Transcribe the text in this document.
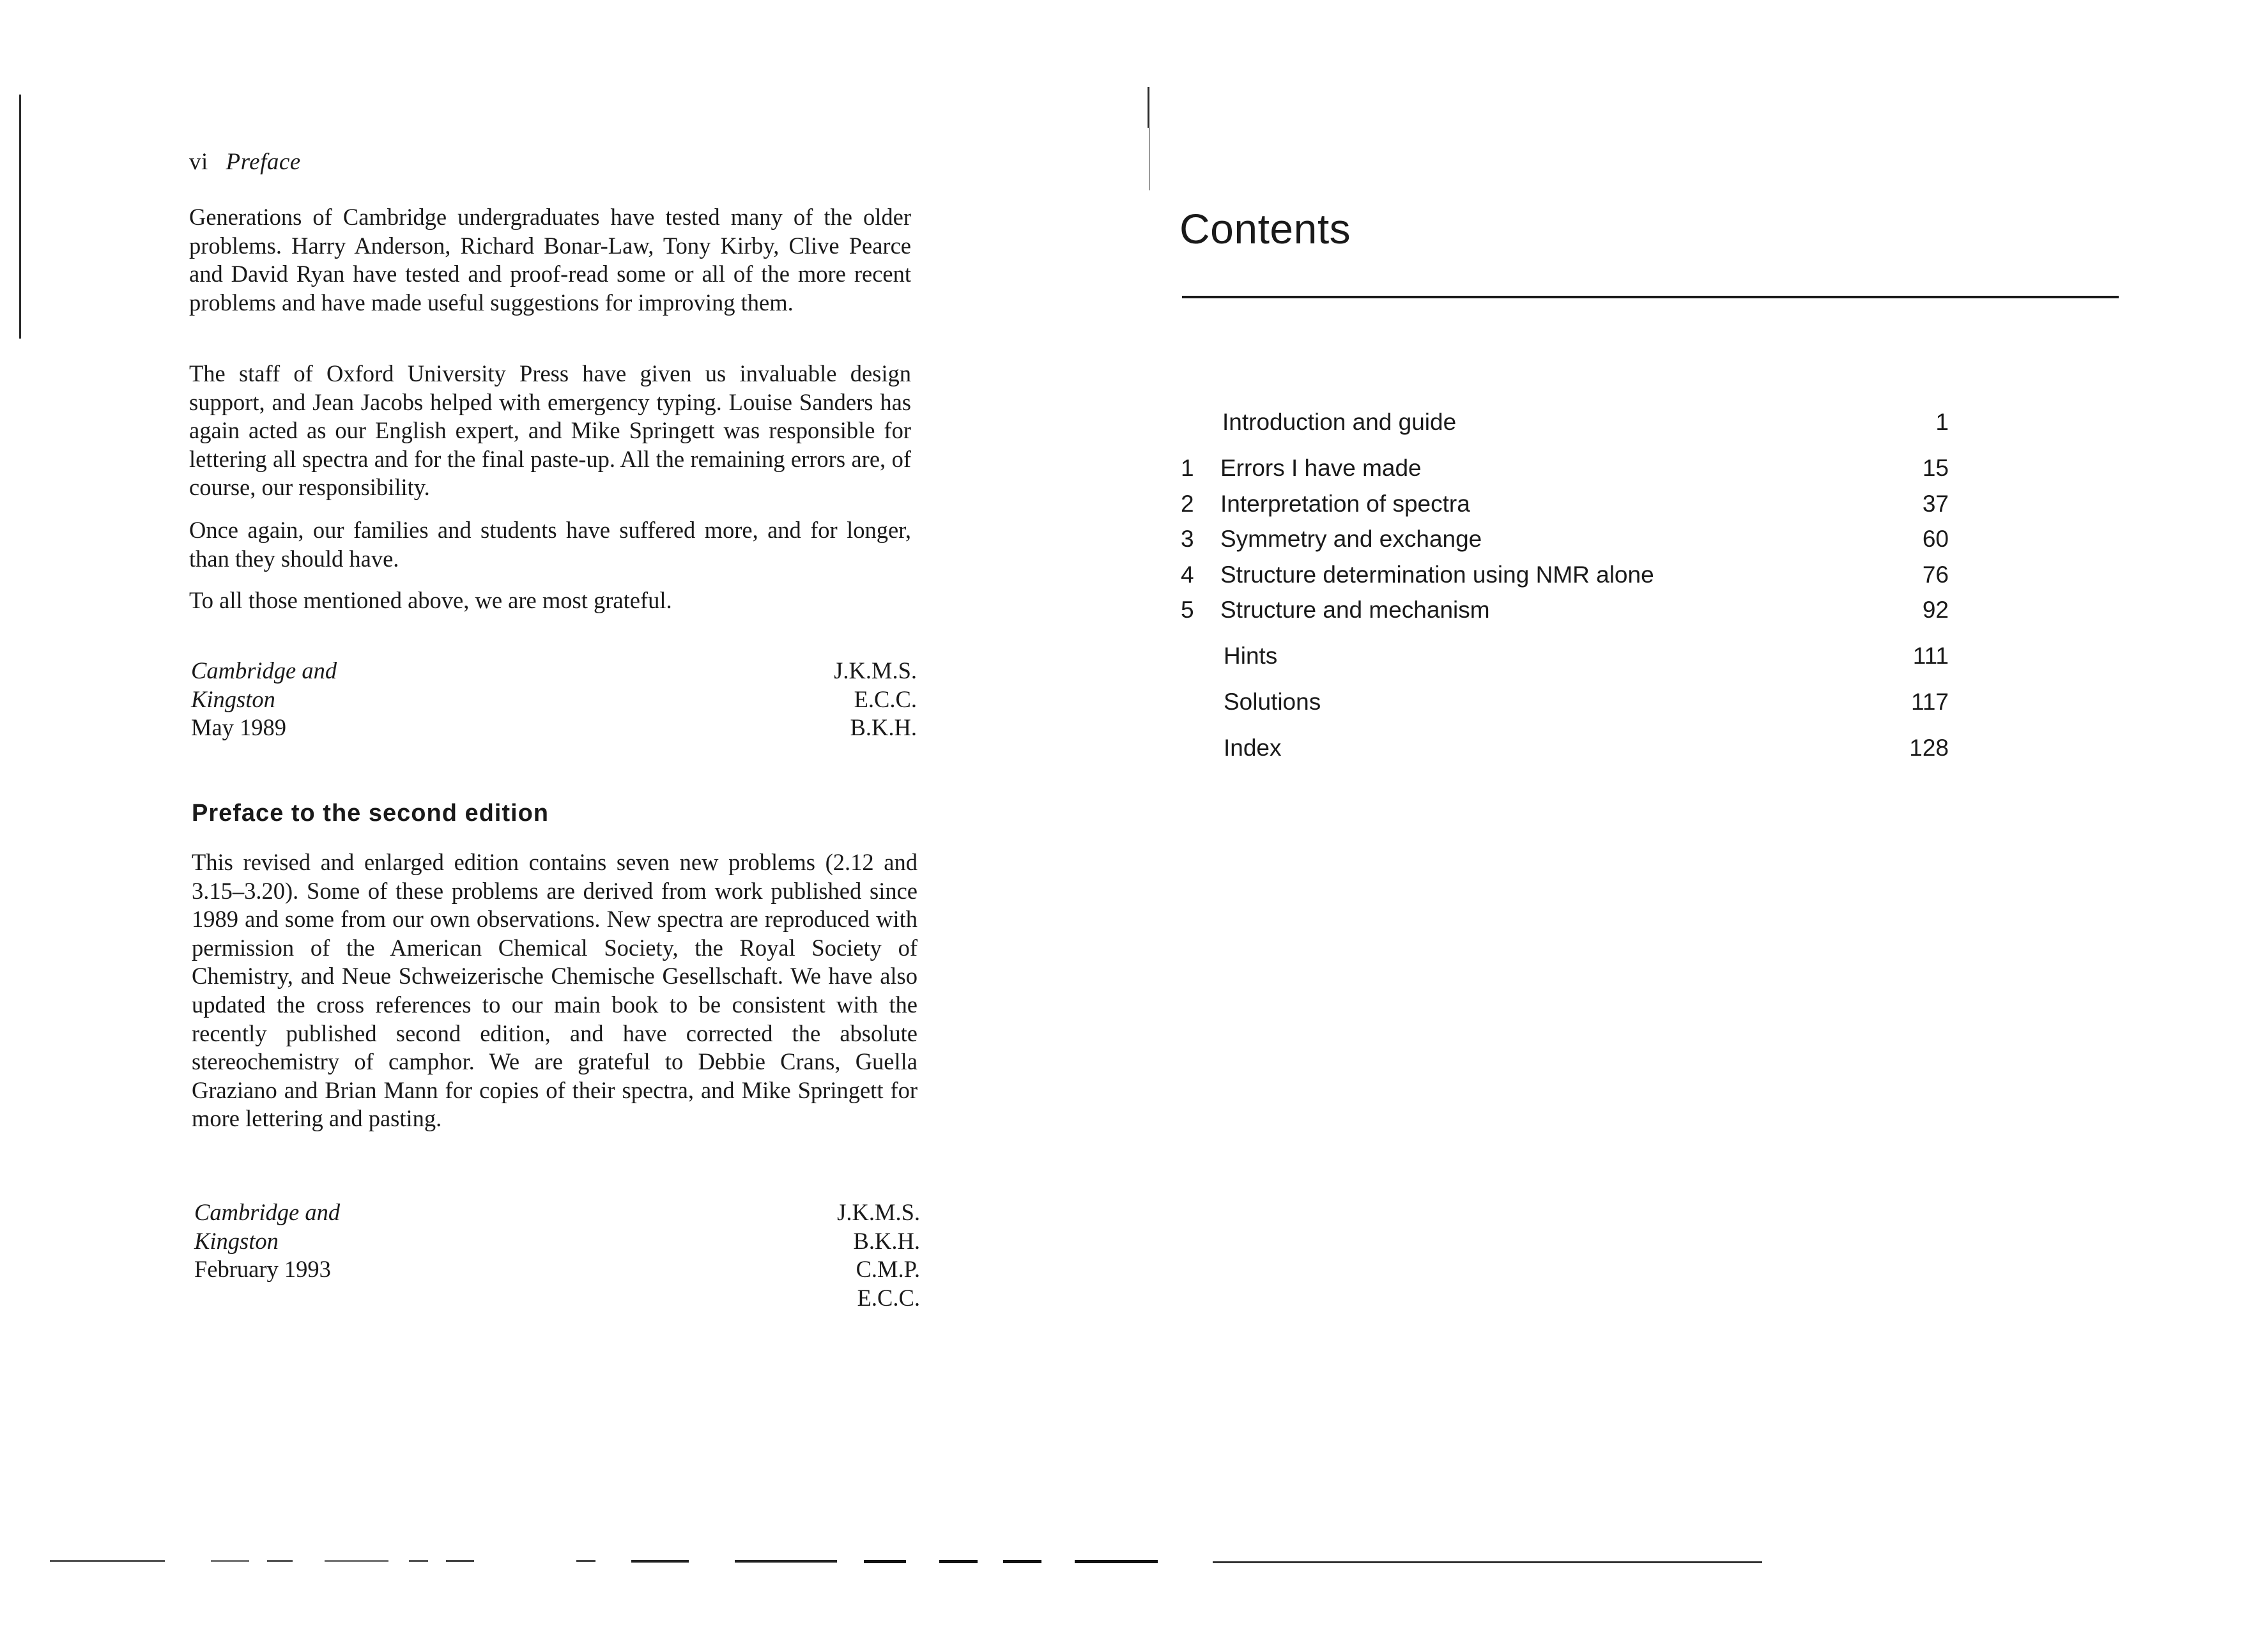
vi Preface
Generations of Cambridge undergraduates have tested many of the older problems. Harry Anderson, Richard Bonar-Law, Tony Kirby, Clive Pearce and David Ryan have tested and proof-read some or all of the more recent problems and have made useful suggestions for improving them.
The staff of Oxford University Press have given us invaluable design support, and Jean Jacobs helped with emergency typing. Louise Sanders has again acted as our English expert, and Mike Springett was responsible for lettering all spectra and for the final paste-up. All the remaining errors are, of course, our responsibility.
Once again, our families and students have suffered more, and for longer, than they should have.
To all those mentioned above, we are most grateful.
Cambridge and
Kingston
May 1989
J.K.M.S.
E.C.C.
B.K.H.
Preface to the second edition
This revised and enlarged edition contains seven new problems (2.12 and 3.15–3.20). Some of these problems are derived from work published since 1989 and some from our own observations. New spectra are reproduced with permission of the American Chemical Society, the Royal Society of Chemistry, and Neue Schweizerische Chemische Gesellschaft. We have also updated the cross references to our main book to be consistent with the recently published second edition, and have corrected the absolute stereochemistry of camphor. We are grateful to Debbie Crans, Guella Graziano and Brian Mann for copies of their spectra, and Mike Springett for more lettering and pasting.
Cambridge and
Kingston
February 1993
J.K.M.S.
B.K.H.
C.M.P.
E.C.C.
Contents
Introduction and guide	1
1 Errors I have made	15
2 Interpretation of spectra	37
3 Symmetry and exchange	60
4 Structure determination using NMR alone	76
5 Structure and mechanism	92
Hints	111
Solutions	117
Index	128
